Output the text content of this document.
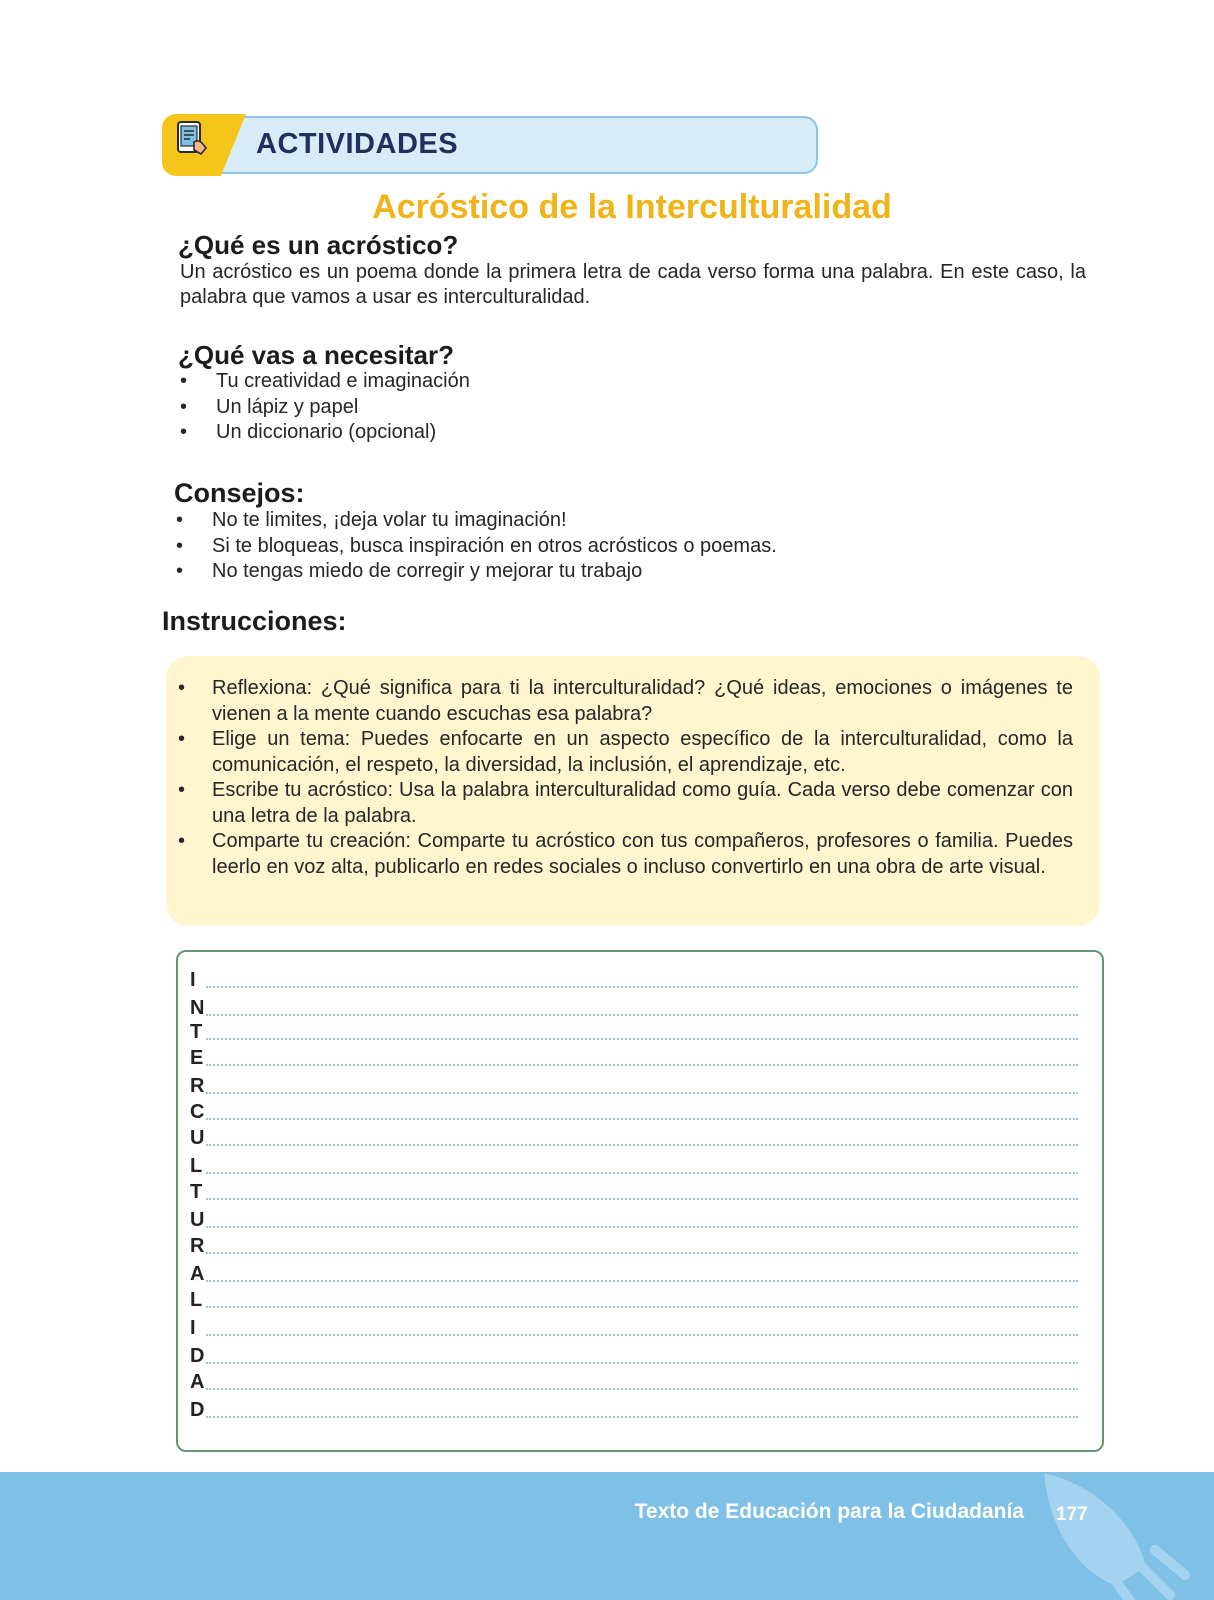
ACTIVIDADES
Acróstico de la Interculturalidad
¿Qué es un acróstico?
Un acróstico es un poema donde la primera letra de cada verso forma una palabra. En este caso, la palabra que vamos a usar es interculturalidad.
¿Qué vas a necesitar?
• Tu creatividad e imaginación
• Un lápiz y papel
• Un diccionario (opcional)
Consejos:
• No te limites, ¡deja volar tu imaginación!
• Si te bloqueas, busca inspiración en otros acrósticos o poemas.
• No tengas miedo de corregir y mejorar tu trabajo
Instrucciones:
• Reflexiona: ¿Qué significa para ti la interculturalidad? ¿Qué ideas, emociones o imágenes te vienen a la mente cuando escuchas esa palabra?
• Elige un tema: Puedes enfocarte en un aspecto específico de la interculturalidad, como la comunicación, el respeto, la diversidad, la inclusión, el aprendizaje, etc.
• Escribe tu acróstico: Usa la palabra interculturalidad como guía. Cada verso debe comenzar con una letra de la palabra.
• Comparte tu creación: Comparte tu acróstico con tus compañeros, profesores o familia. Puedes leerlo en voz alta, publicarlo en redes sociales o incluso convertirlo en una obra de arte visual.
I
N
T
E
R
C
U
L
T
U
R
A
L
I
D
A
D
Texto de Educación para la Ciudadanía 177
